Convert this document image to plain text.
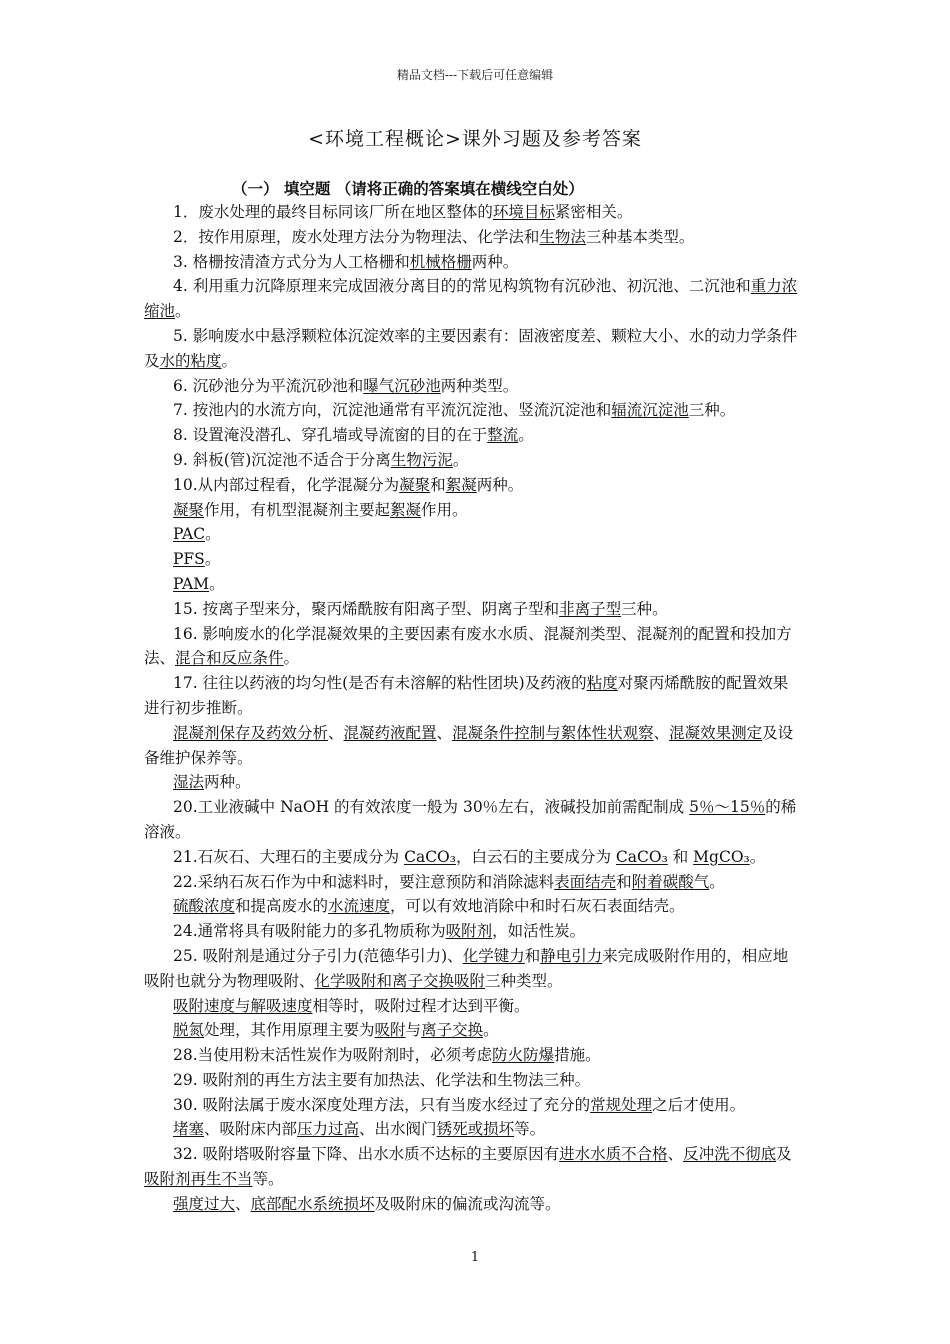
精品文档---下载后可任意编辑
<环境工程概论>课外习题及参考答案
（一） 填空题 （请将正确的答案填在横线空白处）

1．废水处理的最终目标同该厂所在地区整体的环境目标紧密相关。

2．按作用原理，废水处理方法分为物理法、化学法和生物法三种基本类型。

3. 格栅按清渣方式分为人工格栅和机械格栅两种。

4. 利用重力沉降原理来完成固液分离目的的常见构筑物有沉砂池、初沉池、二沉池和重力浓缩池。

5. 影响废水中悬浮颗粒体沉淀效率的主要因素有：固液密度差、颗粒大小、水的动力学条件及水的粘度。

6. 沉砂池分为平流沉砂池和曝气沉砂池两种类型。

7. 按池内的水流方向，沉淀池通常有平流沉淀池、竖流沉淀池和辐流沉淀池三种。

8. 设置淹没潜孔、穿孔墙或导流窗的目的在于整流。

9. 斜板(管)沉淀池不适合于分离生物污泥。

10.从内部过程看，化学混凝分为凝聚和絮凝两种。

凝聚作用，有机型混凝剂主要起絮凝作用。

PAC。

PFS。

PAM。

15. 按离子型来分，聚丙烯酰胺有阳离子型、阴离子型和非离子型三种。

16. 影响废水的化学混凝效果的主要因素有废水水质、混凝剂类型、混凝剂的配置和投加方法、混合和反应条件。

17. 往往以药液的均匀性(是否有未溶解的粘性团块)及药液的粘度对聚丙烯酰胺的配置效果进行初步推断。

混凝剂保存及药效分析、混凝药液配置、混凝条件控制与絮体性状观察、混凝效果测定及设备维护保养等。

湿法两种。

20.工业液碱中 NaOH 的有效浓度一般为 30％左右，液碱投加前需配制成 5％～15％的稀溶液。

21.石灰石、大理石的主要成分为 CaCO₃，白云石的主要成分为 CaCO₃ 和 MgCO₃。

22.采纳石灰石作为中和滤料时，要注意预防和消除滤料表面结壳和附着碳酸气。

硫酸浓度和提高废水的水流速度，可以有效地消除中和时石灰石表面结壳。

24.通常将具有吸附能力的多孔物质称为吸附剂，如活性炭。

25. 吸附剂是通过分子引力(范德华引力)、化学键力和静电引力来完成吸附作用的，相应地吸附也就分为物理吸附、化学吸附和离子交换吸附三种类型。

吸附速度与解吸速度相等时，吸附过程才达到平衡。

脱氮处理，其作用原理主要为吸附与离子交换。

28.当使用粉末活性炭作为吸附剂时，必须考虑防火防爆措施。

29. 吸附剂的再生方法主要有加热法、化学法和生物法三种。

30. 吸附法属于废水深度处理方法，只有当废水经过了充分的常规处理之后才使用。

堵塞、吸附床内部压力过高、出水阀门锈死或损坏等。

32. 吸附塔吸附容量下降、出水水质不达标的主要原因有进水水质不合格、反冲洗不彻底及吸附剂再生不当等。

强度过大、底部配水系统损坏及吸附床的偏流或沟流等。

1
